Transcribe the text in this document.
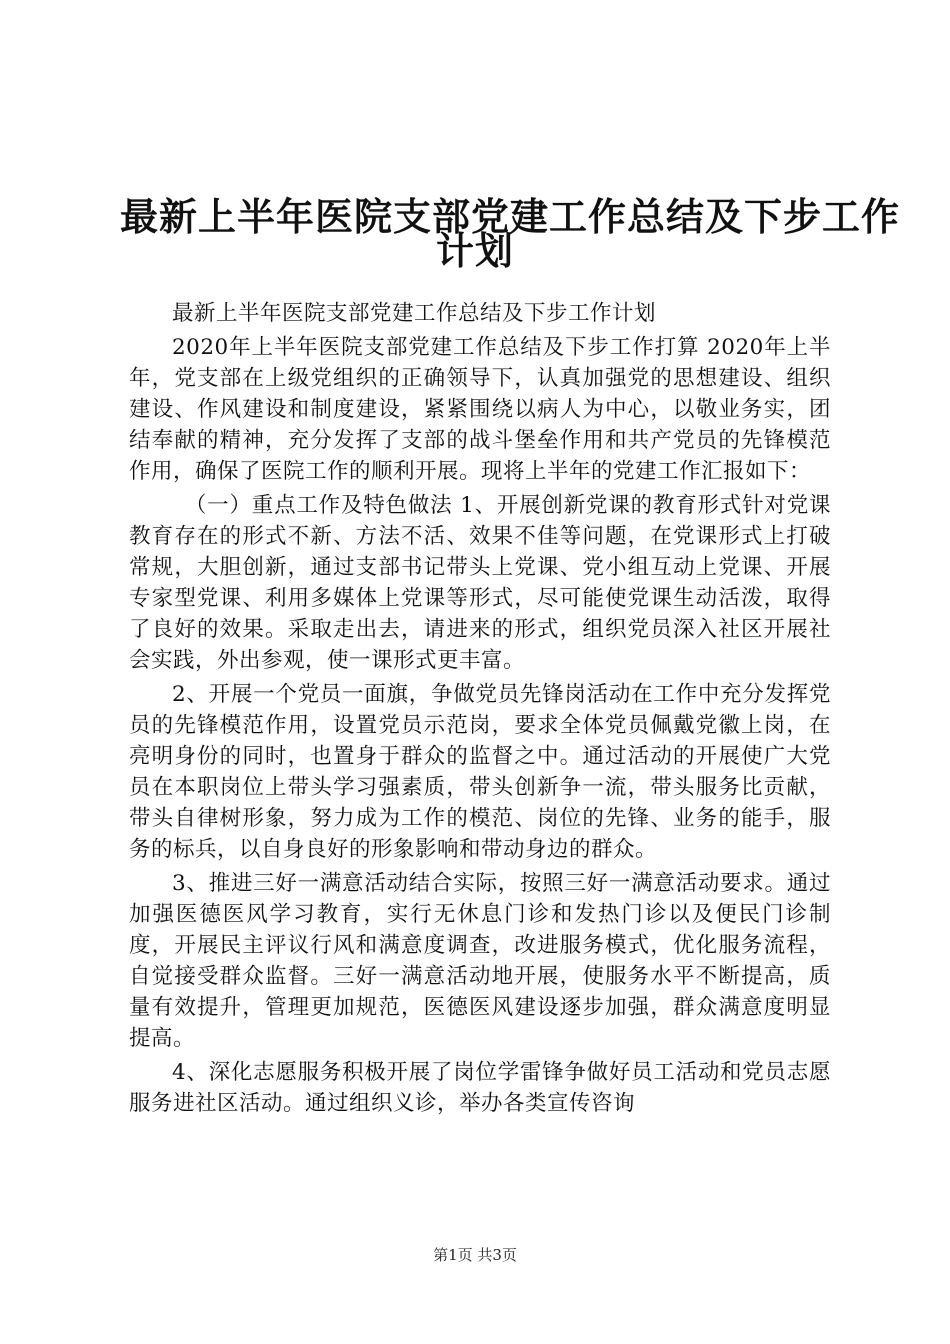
最新上半年医院支部党建工作总结及下步工作
计划

最新上半年医院支部党建工作总结及下步工作计划

2020年上半年医院支部党建工作总结及下步工作打算 2020年上半年，党支部在上级党组织的正确领导下，认真加强党的思想建设、组织建设、作风建设和制度建设，紧紧围绕以病人为中心，以敬业务实，团结奉献的精神，充分发挥了支部的战斗堡垒作用和共产党员的先锋模范作用，确保了医院工作的顺利开展。现将上半年的党建工作汇报如下：

（一）重点工作及特色做法 1、开展创新党课的教育形式针对党课教育存在的形式不新、方法不活、效果不佳等问题，在党课形式上打破常规，大胆创新，通过支部书记带头上党课、党小组互动上党课、开展专家型党课、利用多媒体上党课等形式，尽可能使党课生动活泼，取得了良好的效果。采取走出去，请进来的形式，组织党员深入社区开展社会实践，外出参观，使一课形式更丰富。

2、开展一个党员一面旗，争做党员先锋岗活动在工作中充分发挥党员的先锋模范作用，设置党员示范岗，要求全体党员佩戴党徽上岗，在亮明身份的同时，也置身于群众的监督之中。通过活动的开展使广大党员在本职岗位上带头学习强素质，带头创新争一流，带头服务比贡献，带头自律树形象，努力成为工作的模范、岗位的先锋、业务的能手，服务的标兵，以自身良好的形象影响和带动身边的群众。

3、推进三好一满意活动结合实际，按照三好一满意活动要求。通过加强医德医风学习教育，实行无休息门诊和发热门诊以及便民门诊制度，开展民主评议行风和满意度调查，改进服务模式，优化服务流程，自觉接受群众监督。三好一满意活动地开展，使服务水平不断提高，质量有效提升，管理更加规范，医德医风建设逐步加强，群众满意度明显提高。

4、深化志愿服务积极开展了岗位学雷锋争做好员工活动和党员志愿服务进社区活动。通过组织义诊，举办各类宣传咨询

第1页 共3页
